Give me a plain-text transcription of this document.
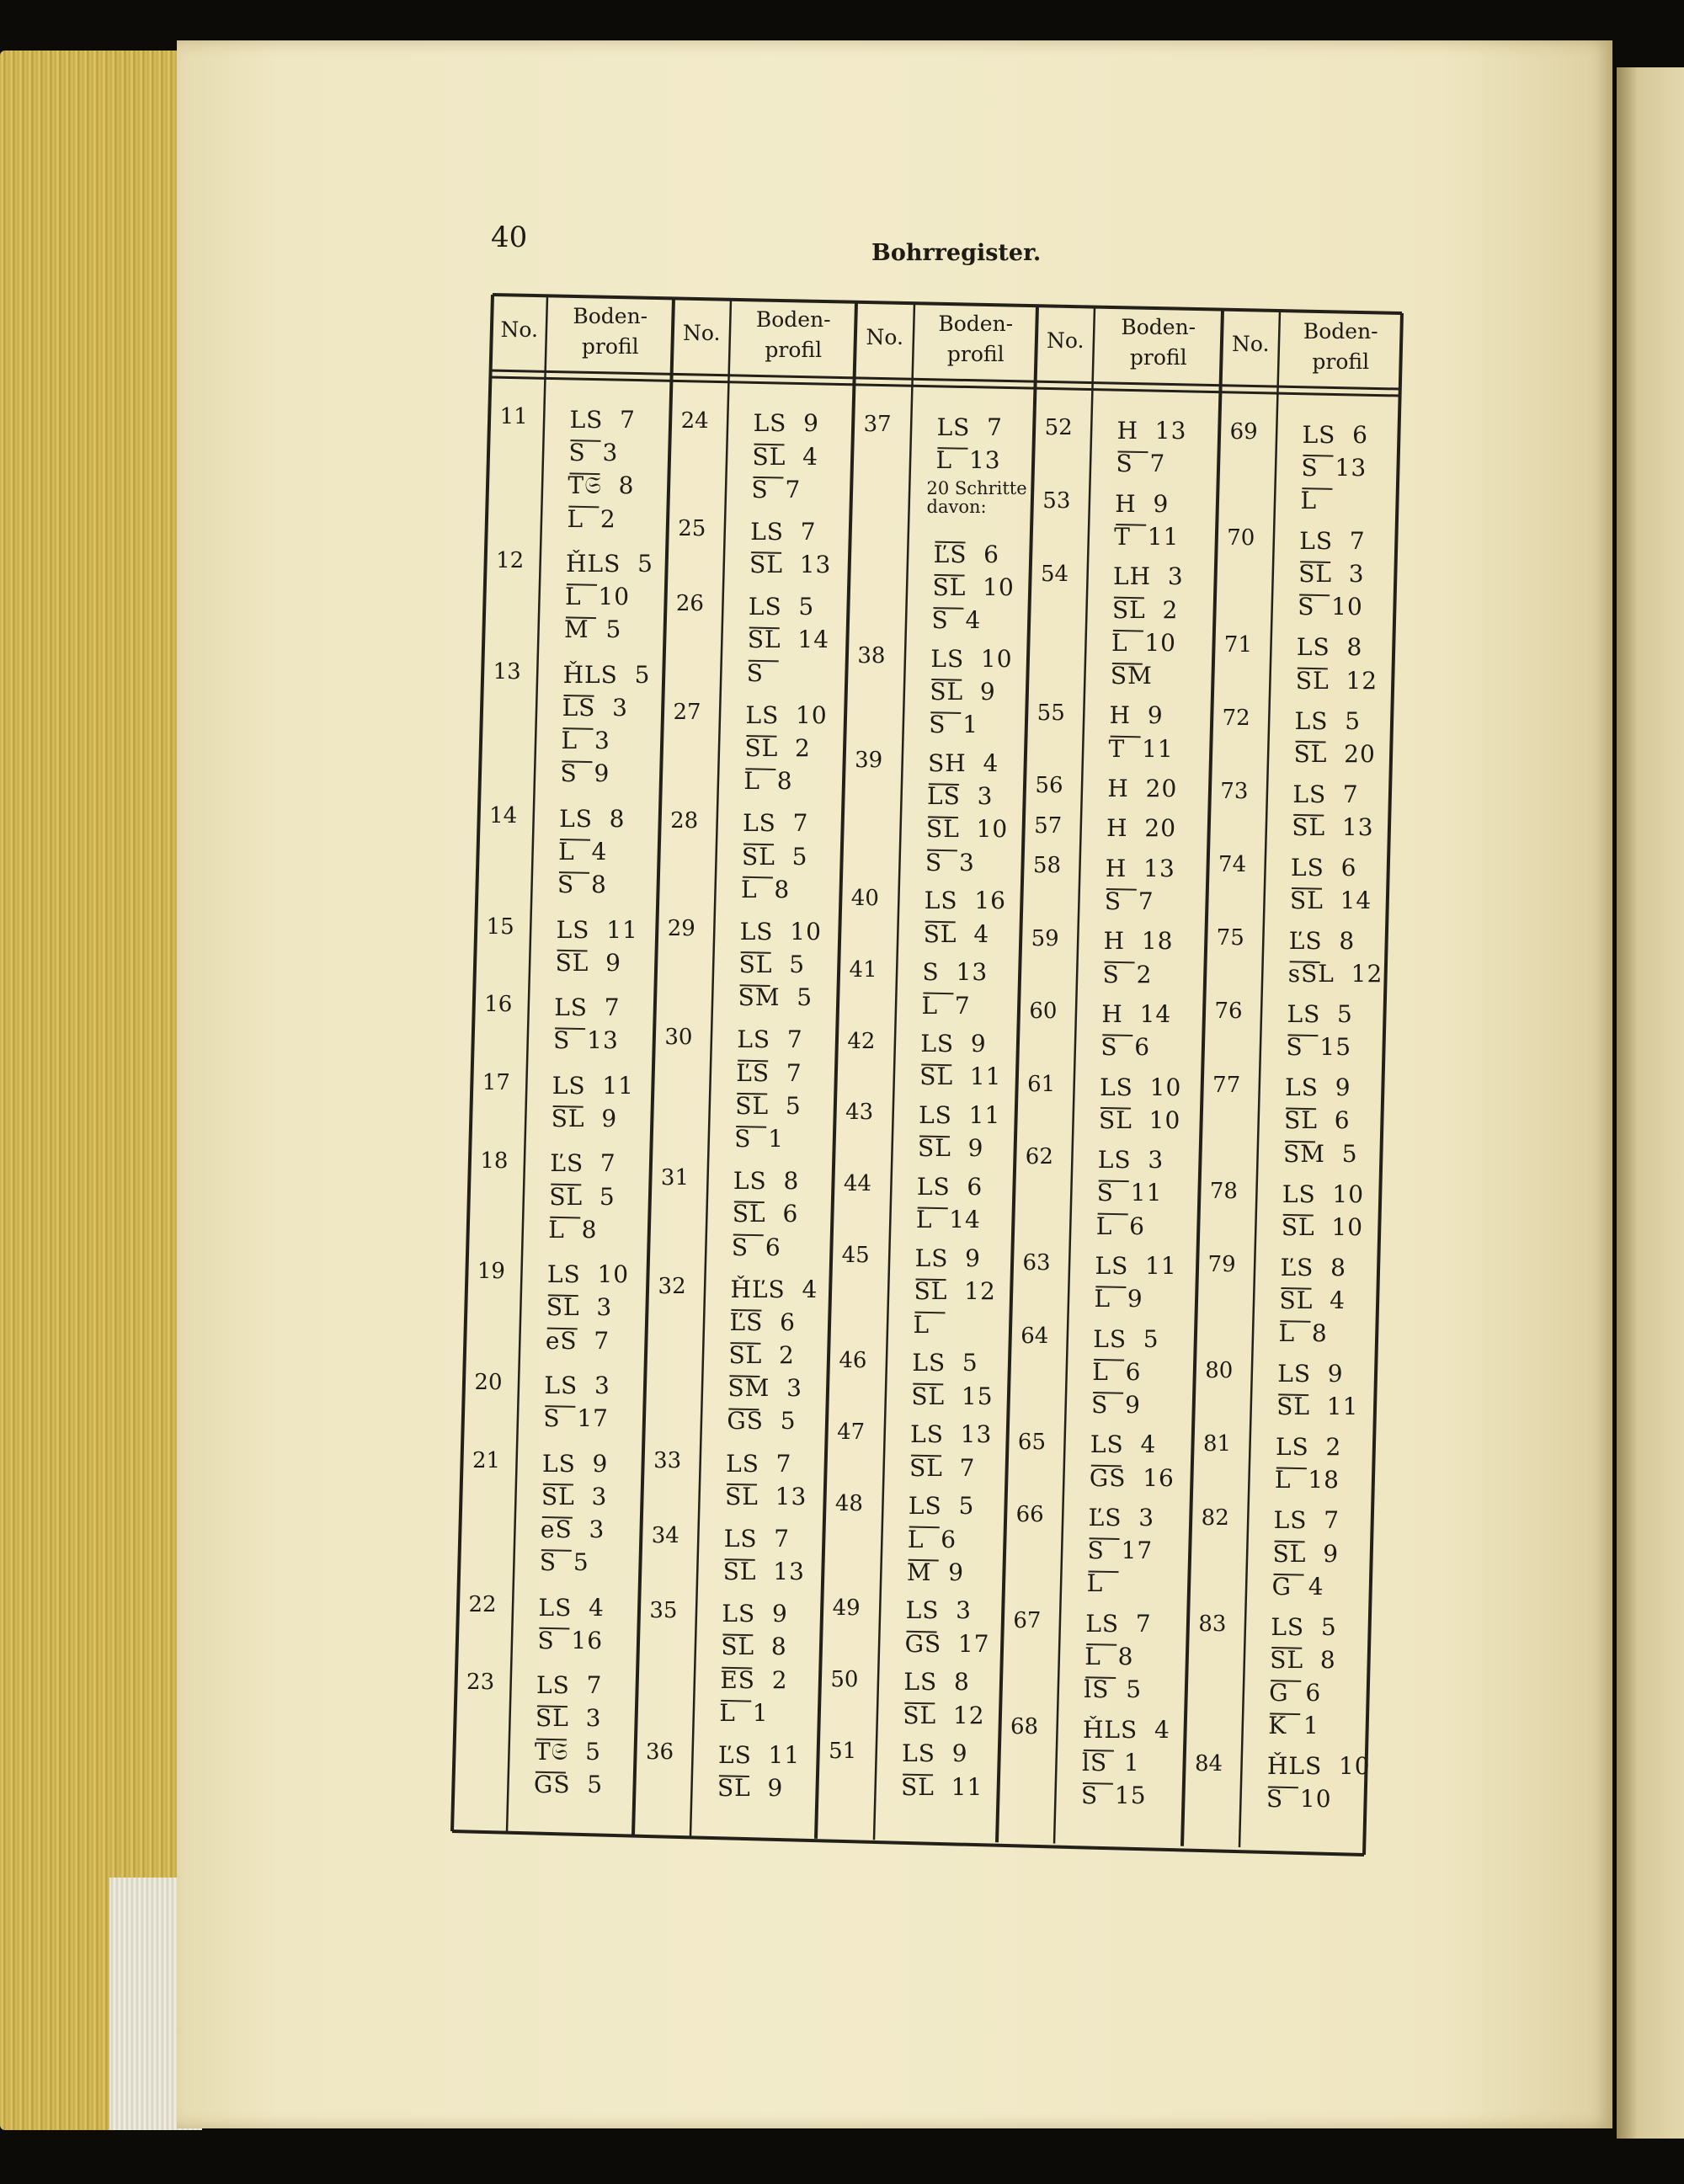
40	Bohrregister.
No.
Boden-
profil
No.
Boden-
profil
No.
Boden-
profil
No.
Boden-
profil
No.
Boden-
profil
11 LS  7
S  3
T𝔖  8
L  2
12 ȞLS  5
L  10
M  5
13 ȞLS  5
LS  3
L  3
S  9
14 LS  8
L  4
S  8
15 LS  11
SL  9
16 LS  7
S  13
17 LS  11
SL  9
18 ĽS  7
SL  5
L  8
19 LS  10
SL  3
eS  7
20 LS  3
S  17
21 LS  9
SL  3
eS  3
S  5
22 LS  4
S  16
23 LS  7
SL  3
T𝔖  5
GS  5
24 LS  9
SL  4
S  7
25 LS  7
SL  13
26 LS  5
SL  14
S
27 LS  10
SL  2
L  8
28 LS  7
SL  5
L  8
29 LS  10
SL  5
SM  5
30 LS  7
ĽS  7
SL  5
S  1
31 LS  8
SL  6
S  6
32 ȞĽS  4
ĽS  6
SL  2
SM  3
GS  5
33 LS  7
SL  13
34 LS  7
SL  13
35 LS  9
SL  8
ES  2
L  1
36 ĽS  11
SL  9
37 LS  7
L  13
20 Schritte
davon:
ĽS  6
SL  10
S  4
38 LS  10
SL  9
S  1
39 SH  4
LS  3
SL  10
S  3
40 LS  16
SL  4
41 S  13
L  7
42 LS  9
SL  11
43 LS  11
SL  9
44 LS  6
L  14
45 LS  9
SL  12
L
46 LS  5
SL  15
47 LS  13
SL  7
48 LS  5
L  6
M  9
49 LS  3
GS  17
50 LS  8
SL  12
51 LS  9
SL  11
52 H  13
S  7
53 H  9
T  11
54 LH  3
SL  2
L  10
SM
55 H  9
T  11
56 H  20
57 H  20
58 H  13
S  7
59 H  18
S  2
60 H  14
S  6
61 LS  10
SL  10
62 LS  3
S  11
L  6
63 LS  11
L  9
64 LS  5
L  6
S  9
65 LS  4
GS  16
66 ĽS  3
S  17
L
67 LS  7
L  8
lS  5
68 ȞLS  4
lS  1
S  15
69 LS  6
S  13
L
70 LS  7
SL  3
S  10
71 LS  8
SL  12
72 LS  5
SL  20
73 LS  7
SL  13
74 LS  6
SL  14
75 ĽS  8
sSL  12
76 LS  5
S  15
77 LS  9
SL  6
SM  5
78 LS  10
SL  10
79 ĽS  8
SL  4
L  8
80 LS  9
SL  11
81 LS  2
L  18
82 LS  7
SL  9
G  4
83 LS  5
SL  8
G  6
K  1
84 ȞLS  10
S  10
